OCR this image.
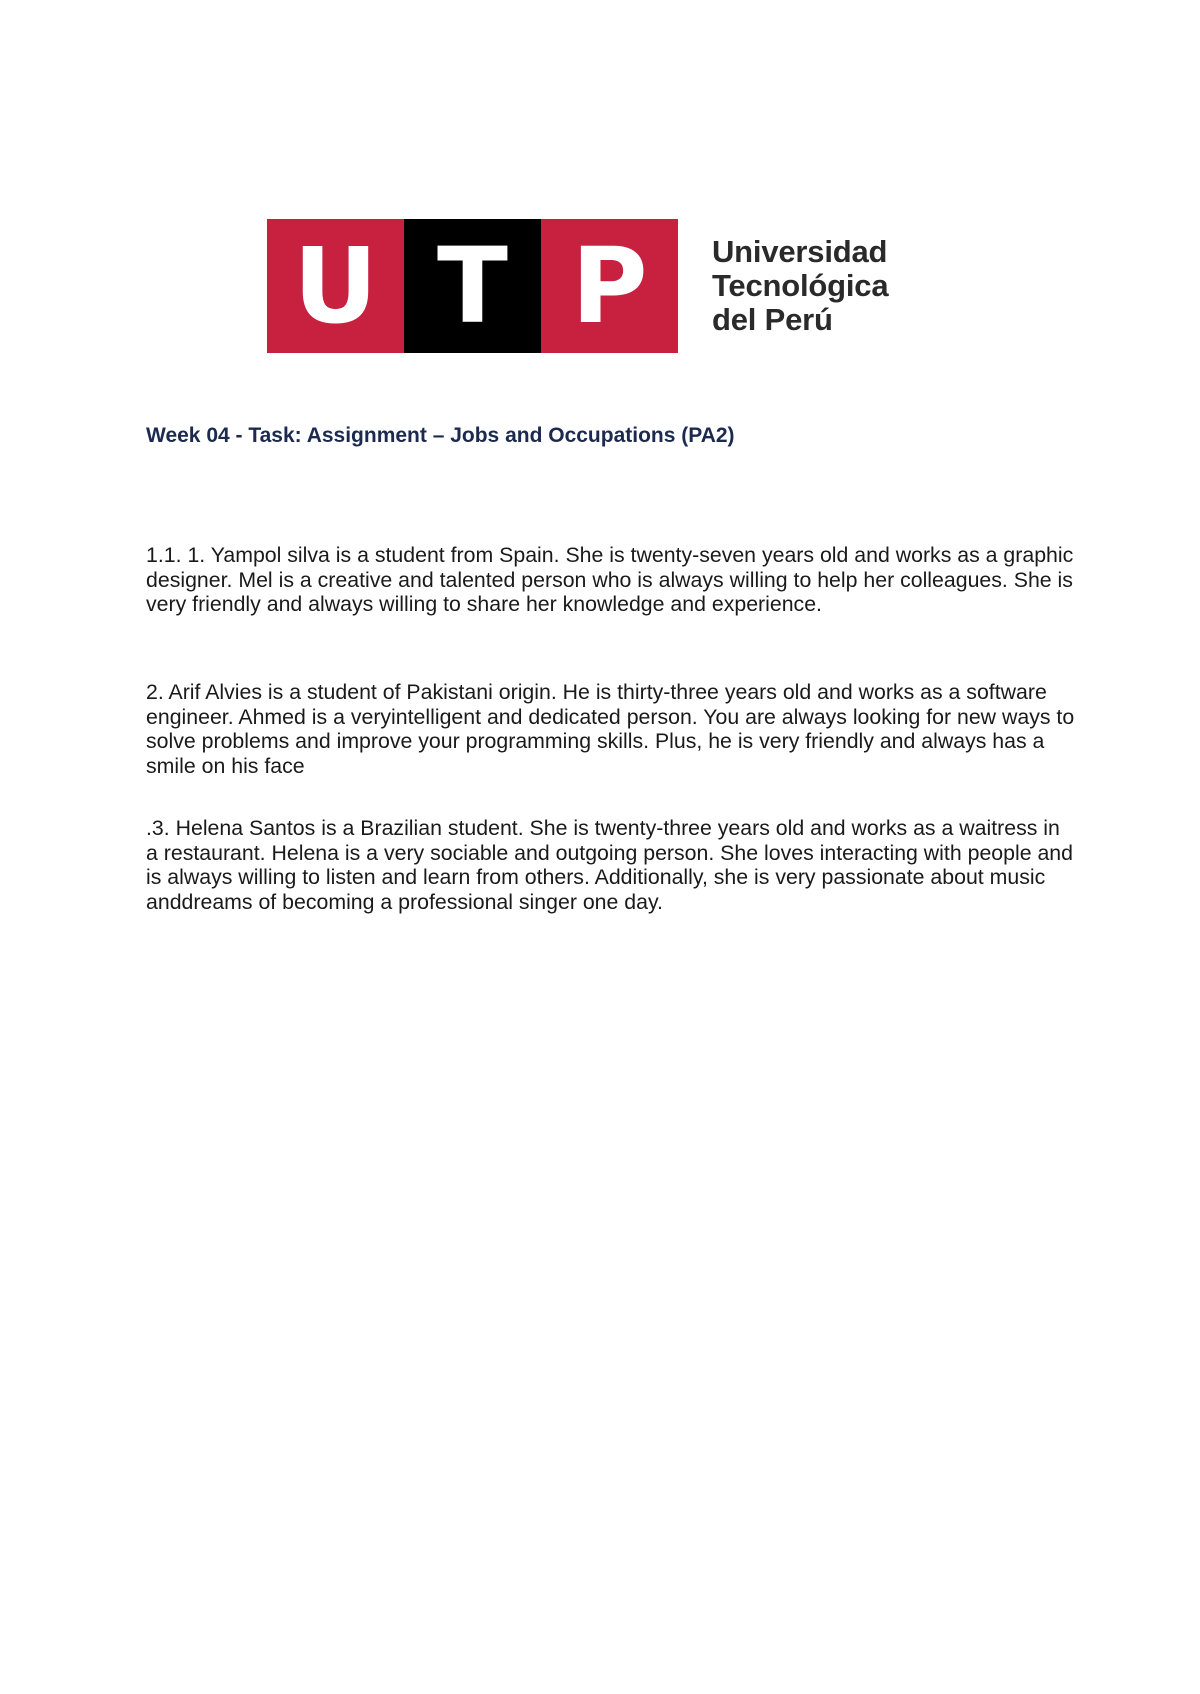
U T P	Universidad
Tecnológica
del Perú
Week 04 - Task: Assignment – Jobs and Occupations (PA2)

1.1. 1. Yampol silva is a student from Spain. She is twenty-seven years old and works as a graphic designer. Mel is a creative and talented person who is always willing to help her colleagues. She is very friendly and always willing to share her knowledge and experience.

2. Arif Alvies is a student of Pakistani origin. He is thirty-three years old and works as a software engineer. Ahmed is a veryintelligent and dedicated person. You are always looking for new ways to solve problems and improve your programming skills. Plus, he is very friendly and always has a smile on his face

.3. Helena Santos is a Brazilian student. She is twenty-three years old and works as a waitress in a restaurant. Helena is a very sociable and outgoing person. She loves interacting with people and is always willing to listen and learn from others. Additionally, she is very passionate about music anddreams of becoming a professional singer one day.
